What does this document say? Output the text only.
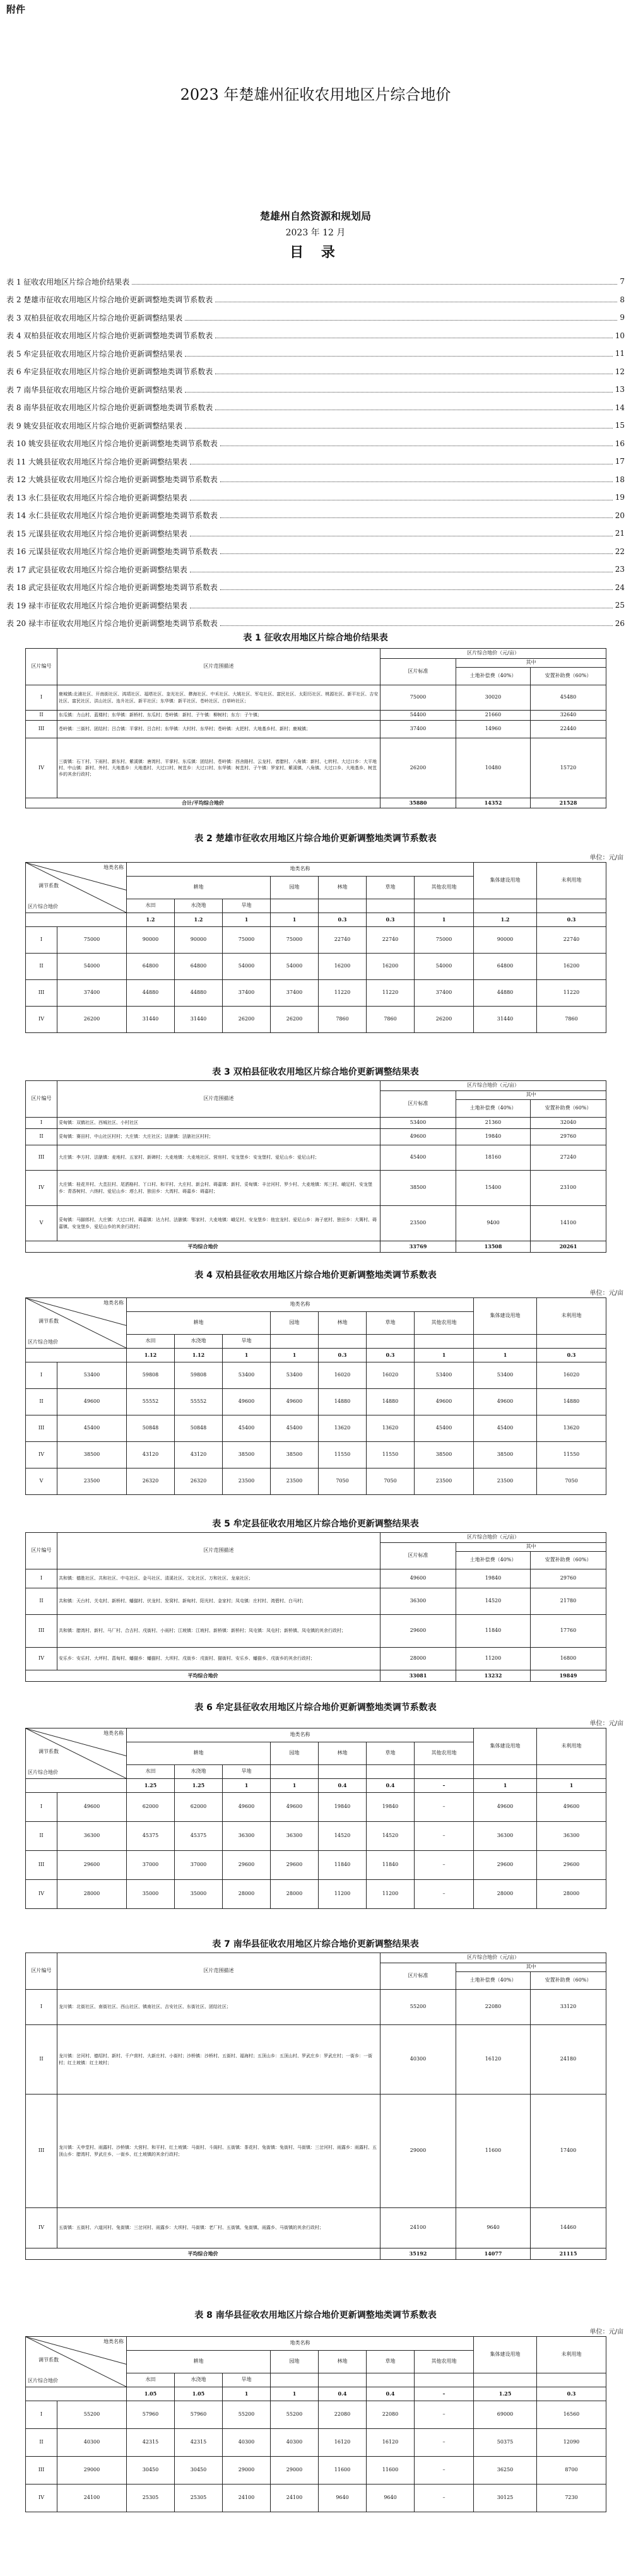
附件
2023 年楚雄州征收农用地区片综合地价
楚雄州自然资源和规划局
2023 年 12 月
目 录
表 1 征收农用地区片综合地价结果表	7
表 2 楚雄市征收农用地区片综合地价更新调整地类调节系数表	8
表 3 双柏县征收农用地区片综合地价更新调整结果表	9
表 4 双柏县征收农用地区片综合地价更新调整地类调节系数表	10
表 5 牟定县征收农用地区片综合地价更新调整结果表	11
表 6 牟定县征收农用地区片综合地价更新调整地类调节系数表	12
表 7 南华县征收农用地区片综合地价更新调整结果表	13
表 8 南华县征收农用地区片综合地价更新调整地类调节系数表	14
表 9 姚安县征收农用地区片综合地价更新调整结果表	15
表 10 姚安县征收农用地区片综合地价更新调整地类调节系数表	16
表 11 大姚县征收农用地区片综合地价更新调整结果表	17
表 12 大姚县征收农用地区片综合地价更新调整地类调节系数表	18
表 13 永仁县征收农用地区片综合地价更新调整结果表	19
表 14 永仁县征收农用地区片综合地价更新调整地类调节系数表	20
表 15 元谋县征收农用地区片综合地价更新调整结果表	21
表 16 元谋县征收农用地区片综合地价更新调整地类调节系数表	22
表 17 武定县征收农用地区片综合地价更新调整结果表	23
表 18 武定县征收农用地区片综合地价更新调整地类调节系数表	24
表 19 禄丰市征收农用地区片综合地价更新调整结果表	25
表 20 禄丰市征收农用地区片综合地价更新调整地类调节系数表	26
表 1 征收农用地区片综合地价结果表
区片编号	区片范围描述	区片综合地价（元/亩）		
		区片标准	其中	
			土地补偿费（40%）	安置补助费（60%）
I	鹿城镇:北浦社区、开南街社区、鸿靖社区、福塔社区、奎光社区、彝海社区、中禾社区、大姚社区、军屯社区、富民社区、太阳历社区、桃源社区、新平社区、吉安社区、富民社区、洪山社区、连升社区、新平社区；东华镇：新平社区、苍岭社区、白草岭社区；	75000	30020	45480
II	东瓜镇：力山村、蓝楼村；东华镇：新桥村、东瓜村；苍岭镇：新村、子午镇：柳树村；东方：子午镇；	54400	21660	32640
III	苍岭镇：三街村、团结村；吕合镇：平掌村、吕合村；东华镇：大村村、东华村；苍岭镇：火把村、大地基乡村、新村；鹿城镇；	37400	14960	22440
IV	三街镇：石丫村、下雨村、新东村、紫溪镇：唐湾村、平掌村、东瓜镇：团结村、苍岭镇：西舍路村、云龙村、者腊村、八角镇：新村、七转村、大过口乡：大平地村、中山镇：新村、外村、大地基乡：大地基村、大过口村、树苴乡：大过口村、东华镇：树苴村、子午镇：罗家村、紫溪镇、八角镇、大过口乡、大地基乡、树苴乡的其余行政村；	26200	10480	15720
合计/平均综合地价		35880	14352	21528
表 2 楚雄市征收农用地区片综合地价更新调整地类调节系数表
单位：元/亩
地类名称
调节系数
区片综合地价		地类名称							集体建设用地	未利用地
		耕地			园地	林地	草地	其他农用地		
		水田	水浇地	旱地						
		1.2	1.2	1	1	0.3	0.3	1	1.2	0.3
I	75000	90000	90000	75000	75000	22740	22740	75000	90000	22740
II	54000	64800	64800	54000	54000	16200	16200	54000	64800	16200
III	37400	44880	44880	37400	37400	11220	11220	37400	44880	11220
IV	26200	31440	31440	26200	26200	7860	7860	26200	31440	7860
表 3 双柏县征收农用地区片综合地价更新调整结果表
区片编号	区片范围描述	区片综合地价（元/亩）		
		区片标准	其中	
			土地补偿费（40%）	安置补助费（60%）
I	妥甸镇：双鹤社区、西城社区、小村社区	53400	21360	32040
II	妥甸镇：赛田村、中山社区村村；大庄镇：大庄社区；法脿镇：法脿社区村村；	49600	19840	29760
III	大庄镇：李方村、法脿镇：麦地村、五家村、新碑村；大麦地镇：大麦地社区、营房村、安龙堡乡：安龙堡村、爱尼山乡：爱尼山村；	45400	18160	27240
IV	大庄镇：桂花井村、大苴拉村、尾洒格村、丫口村、和平村、大庄村、新会村、碍嘉镇：新村、妥甸镇：丰岔河村、罗少村、大麦地镇：邦三村、峨足村、安龙堡乡：青香树村、六纳村、爱尼山乡：塔么村、独田乡：大湾村、碍嘉乡：碍嘉村；	38500	15400	23100
V	妥甸镇：马脚郎村、大庄镇：大过口村、碍嘉镇：达力村、法脿镇：鄂家村、大麦地镇：峨足村、安龙堡乡：他宜龙村、爱尼山乡：海子底村、独田乡：大箐村、碍嘉镇、安龙堡乡、爱尼山乡的其余行政村；	23500	9400	14100
平均综合地价		33769	13508	20261
表 4 双柏县征收农用地区片综合地价更新调整地类调节系数表
单位：元/亩
地类名称
调节系数
区片综合地价		地类名称							集体建设用地	未利用地
		耕地			园地	林地	草地	其他农用地		
		水田	水浇地	旱地						
		1.12	1.12	1	1	0.3	0.3	1	1	0.3
I	53400	59808	59808	53400	53400	16020	16020	53400	53400	16020
II	49600	55552	55552	49600	49600	14880	14880	49600	49600	14880
III	45400	50848	50848	45400	45400	13620	13620	45400	45400	13620
IV	38500	43120	43120	38500	38500	11550	11550	38500	38500	11550
V	23500	26320	26320	23500	23500	7050	7050	23500	23500	7050
表 5 牟定县征收农用地区片综合地价更新调整结果表
区片编号	区片范围描述	区片综合地价（元/亩）		
		区片标准	其中	
			土地补偿费（40%）	安置补助费（60%）
I	共和镇：德胜社区、共和社区、中屯社区、金马社区、清溪社区、文化社区、万和社区、龙泉社区；	49600	19840	29760
II	共和镇：天台村、关屯村、新桥村、蟠猫村、伏龙村、发窝村、新甸村、阳光村、金家村；凤屯镇：庄村村、湾碧村、白马村；	36300	14520	21780
III	共和镇：腊湾村、新村、马厂村、合吉村、戌街村、小雨村；江坡镇：江坡村、新桥镇：新桥村；凤屯镇：凤屯村；新桥镇、凤屯镇的其余行政村；	29600	11840	17760
IV	安乐乡：安乐村、大坪村、菖甸村、蟠猫乡：蟠猫村、大坝村、戌街乡：戌街村、猫街村、安乐乡、蟠猫乡、戌街乡的其余行政村；	28000	11200	16800
平均综合地价		33081	13232	19849
表 6 牟定县征收农用地区片综合地价更新调整地类调节系数表
单位：元/亩
地类名称
调节系数
区片综合地价		地类名称							集体建设用地	未利用地
		耕地			园地	林地	草地	其他农用地		
		水田	水浇地	旱地						
		1.25	1.25	1	1	0.4	0.4	–	1	1
I	49600	62000	62000	49600	49600	19840	19840	–	49600	49600
II	36300	45375	45375	36300	36300	14520	14520	–	36300	36300
III	29600	37000	37000	29600	29600	11840	11840	–	29600	29600
IV	28000	35000	35000	28000	28000	11200	11200	–	28000	28000
表 7 南华县征收农用地区片综合地价更新调整结果表
区片编号	区片范围描述	区片综合地价（元/亩）		
		区片标准	其中	
			土地补偿费（40%）	安置补助费（60%）
I	龙川镇：北街社区、南街社区、西山社区、镇南社区、吉安社区、东街社区、团结社区；	55200	22080	33120
II	龙川镇：岔河村、德绍村、新村、千户营村、大新庄村、小街村；沙桥镇：沙桥村、五街村、福海村；五顶山乡：五顶山村、罗武庄乡：罗武庄村；一街乡：一街村；红土坡镇：红土坡村；	40300	16120	24180
III	龙川镇：天申堂村、雨露村、沙桥镇：大营村、和平村、红土坡镇：马街村、斗阁村、五街镇：茶花村、兔街镇：兔街村、马街镇：三岔河村、雨露乡：雨露村、五顶山乡：腊湾村、罗武庄乡、一街乡、红土坡镇的其余行政村；	29000	11600	17400
IV	五街镇：五街村、六道河村、兔街镇：三岔河村、雨露乡：大坝村、马街镇：老厂村、五街镇、兔街镇、雨露乡、马街镇的其余行政村；	24100	9640	14460
平均综合地价		35192	14077	21115
表 8 南华县征收农用地区片综合地价更新调整地类调节系数表
单位：元/亩
地类名称
调节系数
区片综合地价		地类名称							集体建设用地	未利用地
		耕地			园地	林地	草地	其他农用地		
		水田	水浇地	旱地						
		1.05	1.05	1	1	0.4	0.4	–	1.25	0.3
I	55200	57960	57960	55200	55200	22080	22080	–	69000	16560
II	40300	42315	42315	40300	40300	16120	16120	–	50375	12090
III	29000	30450	30450	29000	29000	11600	11600	–	36250	8700
IV	24100	25305	25305	24100	24100	9640	9640	–	30125	7230
